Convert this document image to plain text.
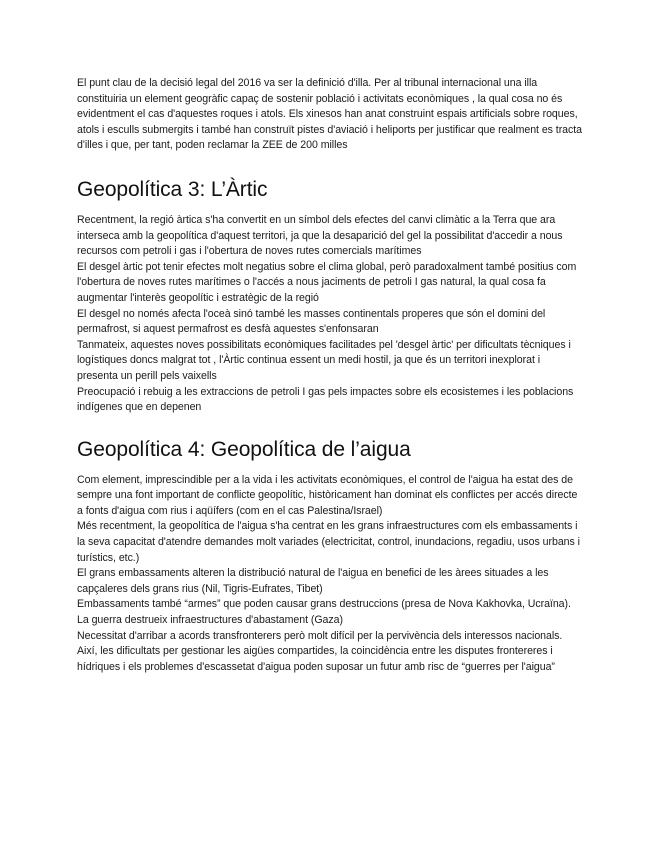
El punt clau de la decisió legal del 2016 va ser la definició d'illa. Per al tribunal internacional una illa constituiria un element geogràfic capaç de sostenir població i activitats econòmiques , la qual cosa no és evidentment el cas d'aquestes roques i atols. Els xinesos han anat construint espais artificials sobre roques, atols i esculls submergits i també han construït pistes d'aviació i heliports per justificar que realment es tracta d'illes i que, per tant, poden reclamar la ZEE de 200 milles

Geopolítica 3: L’Àrtic

Recentment, la regió àrtica s'ha convertit en un símbol dels efectes del canvi climàtic a la Terra que ara interseca amb la geopolítica d'aquest territori, ja que la desaparició del gel la possibilitat d'accedir a nous recursos com petroli i gas i l'obertura de noves rutes comercials marítimes

El desgel àrtic pot tenir efectes molt negatius sobre el clima global, però paradoxalment també positius com l'obertura de noves rutes marítimes o l'accés a nous jaciments de petroli I gas natural, la qual cosa fa augmentar l'interès geopolític i estratègic de la regió

El desgel no només afecta l'oceà sinó també les masses continentals properes que són el domini del permafrost, si aquest permafrost es desfà aquestes s'enfonsaran

Tanmateix, aquestes noves possibilitats econòmiques facilitades pel 'desgel àrtic' per dificultats tècniques i logístiques doncs malgrat tot , l'Àrtic continua essent un medi hostil, ja que és un territori inexplorat i presenta un perill pels vaixells

Preocupació i rebuig a les extraccions de petroli I gas pels impactes sobre els ecosistemes i les poblacions indígenes que en depenen

Geopolítica 4: Geopolítica de l’aigua

Com element, imprescindible per a la vida i les activitats econòmiques, el control de l'aigua ha estat des de sempre una font important de conflicte geopolític, històricament han dominat els conflictes per accés directe a fonts d'aigua com rius i aqüífers (com en el cas Palestina/Israel)

Més recentment, la geopolítica de l'aigua s'ha centrat en les grans infraestructures com els embassaments i la seva capacitat d'atendre demandes molt variades (electricitat, control, inundacions, regadiu, usos urbans i turístics, etc.)

El grans embassaments alteren la distribució natural de l'aigua en benefici de les àrees situades a les capçaleres dels grans rius (Nil, Tigris-Eufrates, Tibet)

Embassaments també “armes” que poden causar grans destruccions (presa de Nova Kakhovka, Ucraïna). La guerra destrueix infraestructures d'abastament (Gaza)

Necessitat d'arribar a acords transfronterers però molt difícil per la pervivència dels interessos nacionals. Així, les dificultats per gestionar les aigües compartides, la coincidència entre les disputes frontereres i hídriques i els problemes d'escassetat d'aigua poden suposar un futur amb risc de “guerres per l'aigua”
